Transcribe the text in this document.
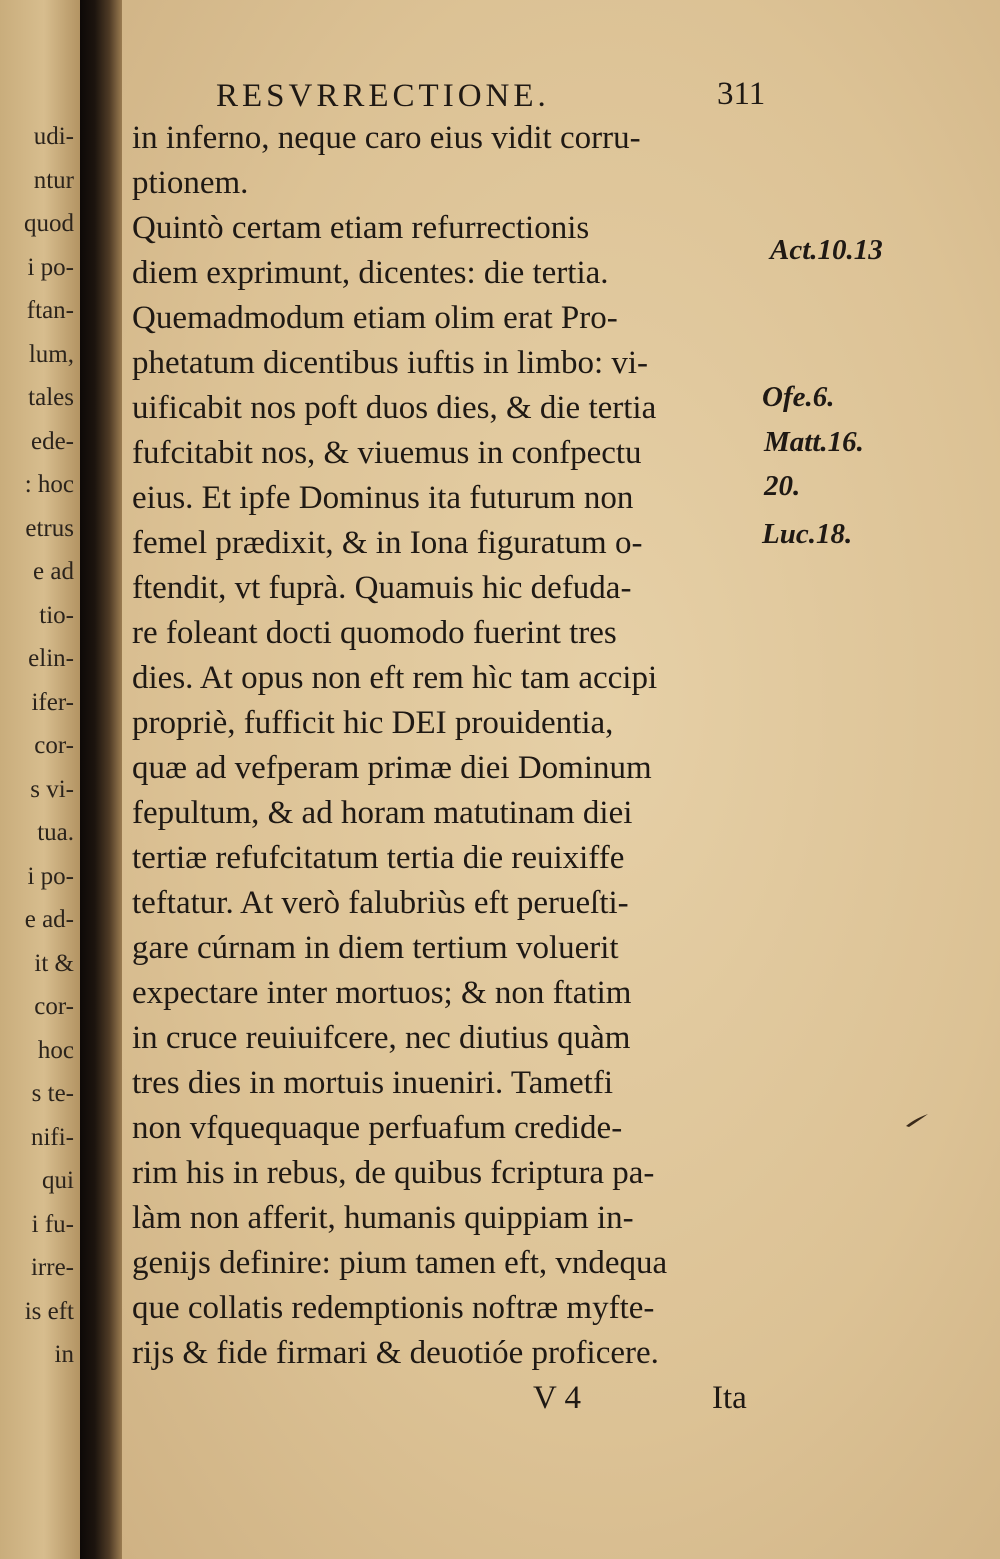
udi-
ntur
quod
i po-
ftan-
lum,
tales
ede-
: hoc
etrus
e ad
tio-
elin-
ifer-
cor-
s vi-
tua.
i po-
e ad-
it &
cor-
hoc
s te-
nifi-
qui
i fu-
irre-
is eft
in
RESVRRECTIONE.	311
in inferno, neque caro eius vidit corru-
ptionem.
Quintò certam etiam refurrectionis
diem exprimunt, dicentes: die tertia.
Quemadmodum etiam olim erat Pro-
phetatum dicentibus iuftis in limbo: vi-
uificabit nos poft duos dies, & die tertia
fufcitabit nos, & viuemus in confpectu
eius. Et ipfe Dominus ita futurum non
femel prædixit, & in Iona figuratum o-
ftendit, vt fuprà. Quamuis hic defuda-
re foleant docti quomodo fuerint tres
dies. At opus non eft rem hìc tam accipi
propriè, fufficit hic DEI prouidentia,
quæ ad vefperam primæ diei Dominum
fepultum, & ad horam matutinam diei
tertiæ refufcitatum tertia die reuixiffe
teftatur. At verò falubriùs eft perueſti-
gare cúrnam in diem tertium voluerit
expectare inter mortuos; & non ftatim
in cruce reuiuifcere, nec diutius quàm
tres dies in mortuis inueniri. Tametfi
non vfquequaque perfuafum credide-
rim his in rebus, de quibus fcriptura pa-
làm non afferit, humanis quippiam in-
genijs definire: pium tamen eft, vndequa
que collatis redemptionis noftræ myfte-
rijs & fide firmari & deuotióe proficere.
Act.10.13
Ofe.6.
Matt.16.
20.
Luc.18.
V 4	Ita
